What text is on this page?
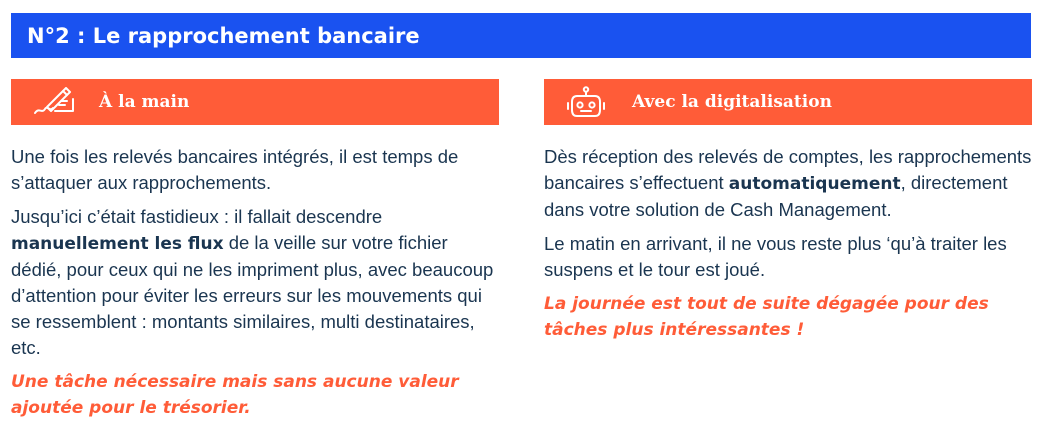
N°2 : Le rapprochement bancaire
À la main

Une fois les relevés bancaires intégrés, il est temps de s’attaquer aux rapprochements.

Jusqu’ici c’était fastidieux : il fallait descendre manuellement les flux de la veille sur votre fichier dédié, pour ceux qui ne les impriment plus, avec beaucoup d’attention pour éviter les erreurs sur les mouvements qui se ressemblent : montants similaires, multi destinataires, etc.

Une tâche nécessaire mais sans aucune valeur ajoutée pour le trésorier.

Avec la digitalisation

Dès réception des relevés de comptes, les rapprochements bancaires s’effectuent automatiquement, directement dans votre solution de Cash Management.

Le matin en arrivant, il ne vous reste plus ‘qu’à traiter les suspens et le tour est joué.

La journée est tout de suite dégagée pour des tâches plus intéressantes !
